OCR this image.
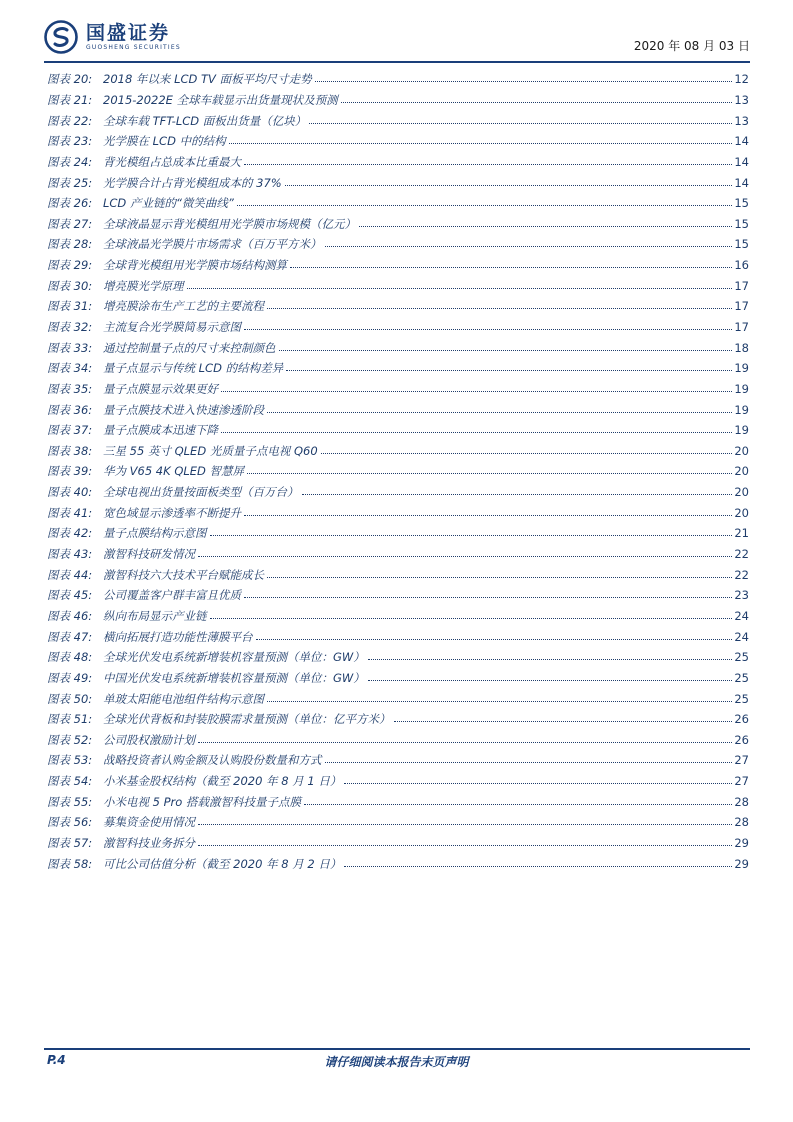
国盛证券
GUOSHENG SECURITIES	2020 年 08 月 03 日
图表 20: 2018 年以来 LCD TV 面板平均尺寸走势	12
图表 21: 2015-2022E 全球车载显示出货量现状及预测	13
图表 22: 全球车载 TFT-LCD 面板出货量（亿块）	13
图表 23: 光学膜在 LCD 中的结构	14
图表 24: 背光模组占总成本比重最大	14
图表 25: 光学膜合计占背光模组成本的 37%	14
图表 26: LCD 产业链的“微笑曲线”	15
图表 27: 全球液晶显示背光模组用光学膜市场规模（亿元）	15
图表 28: 全球液晶光学膜片市场需求（百万平方米）	15
图表 29: 全球背光模组用光学膜市场结构测算	16
图表 30: 增亮膜光学原理	17
图表 31: 增亮膜涂布生产工艺的主要流程	17
图表 32: 主流复合光学膜简易示意图	17
图表 33: 通过控制量子点的尺寸来控制颜色	18
图表 34: 量子点显示与传统 LCD 的结构差异	19
图表 35: 量子点膜显示效果更好	19
图表 36: 量子点膜技术进入快速渗透阶段	19
图表 37: 量子点膜成本迅速下降	19
图表 38: 三星 55 英寸 QLED 光质量子点电视 Q60	20
图表 39: 华为 V65 4K QLED 智慧屏	20
图表 40: 全球电视出货量按面板类型（百万台）	20
图表 41: 宽色域显示渗透率不断提升	20
图表 42: 量子点膜结构示意图	21
图表 43: 激智科技研发情况	22
图表 44: 激智科技六大技术平台赋能成长	22
图表 45: 公司覆盖客户群丰富且优质	23
图表 46: 纵向布局显示产业链	24
图表 47: 横向拓展打造功能性薄膜平台	24
图表 48: 全球光伏发电系统新增装机容量预测（单位：GW）	25
图表 49: 中国光伏发电系统新增装机容量预测（单位：GW）	25
图表 50: 单玻太阳能电池组件结构示意图	25
图表 51: 全球光伏背板和封装胶膜需求量预测（单位：亿平方米）	26
图表 52: 公司股权激励计划	26
图表 53: 战略投资者认购金额及认购股份数量和方式	27
图表 54: 小米基金股权结构（截至 2020 年 8 月 1 日）	27
图表 55: 小米电视 5 Pro 搭载激智科技量子点膜	28
图表 56: 募集资金使用情况	28
图表 57: 激智科技业务拆分	29
图表 58: 可比公司估值分析（截至 2020 年 8 月 2 日）	29
P.4	请仔细阅读本报告末页声明
